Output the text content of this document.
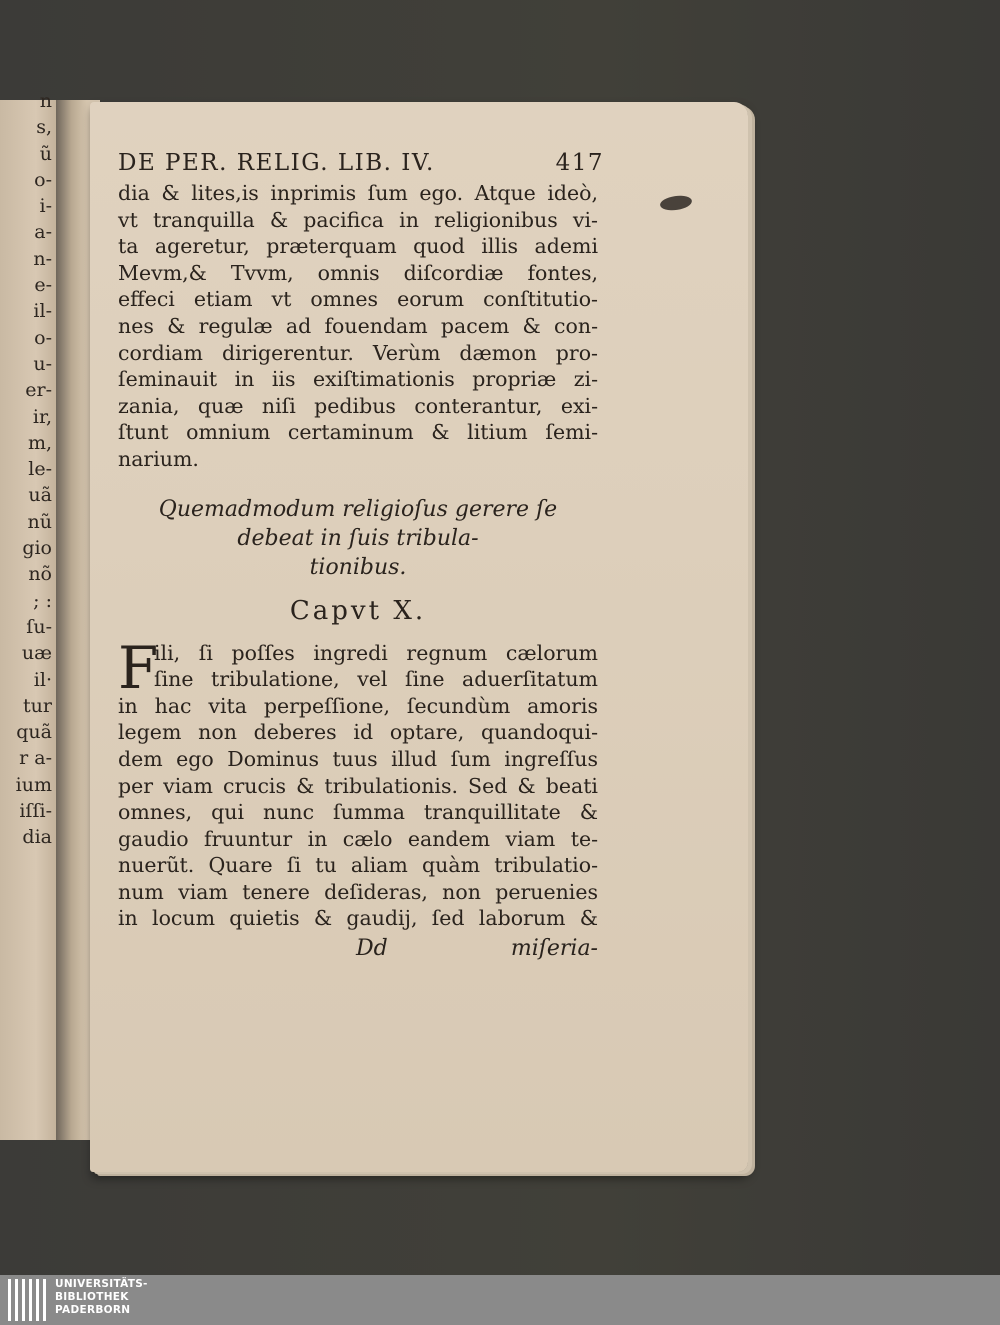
n
s,
ũ
o-
i-
a-
n-
e-
il-
o-
u-
er-
ir,
m,
le-
uã
nũ
gio
nõ
; :
ſu-
uæ
il·
tur
quã
r a-
ium
iſſi-
dia
DE PER. RELIG. LIB. IV.	417
dia & lites,is inprimis ſum ego. Atque ideò,
vt tranquilla & pacifica in religionibus vi-
ta ageretur, præterquam quod illis ademi
Mevm,& Tvvm, omnis diſcordiæ fontes,
effeci etiam vt omnes eorum conſtitutio-
nes & regulæ ad fouendam pacem & con-
cordiam dirigerentur. Verùm dæmon pro-
ſeminauit in iis exiſtimationis propriæ zi-
zania, quæ niſi pedibus conterantur, exi-
ſtunt omnium certaminum & litium ſemi-
narium.
Quemadmodum religioſus gerere ſe
debeat in ſuis tribula-
tionibus.
Capvt X.
F
ili, ſi poſſes ingredi regnum cælorum
ſine tribulatione, vel ſine aduerſitatum
in hac vita perpeſſione, ſecundùm amoris
legem non deberes id optare, quandoqui-
dem ego Dominus tuus illud ſum ingreſſus
per viam crucis & tribulationis. Sed & beati
omnes, qui nunc ſumma tranquillitate &
gaudio fruuntur in cælo eandem viam te-
nuerũt. Quare ſi tu aliam quàm tribulatio-
num viam tenere deſideras, non peruenies
in locum quietis & gaudij, ſed laborum &
Dd	miſeria-
UNIVERSITÄTS-
BIBLIOTHEK
PADERBORN
